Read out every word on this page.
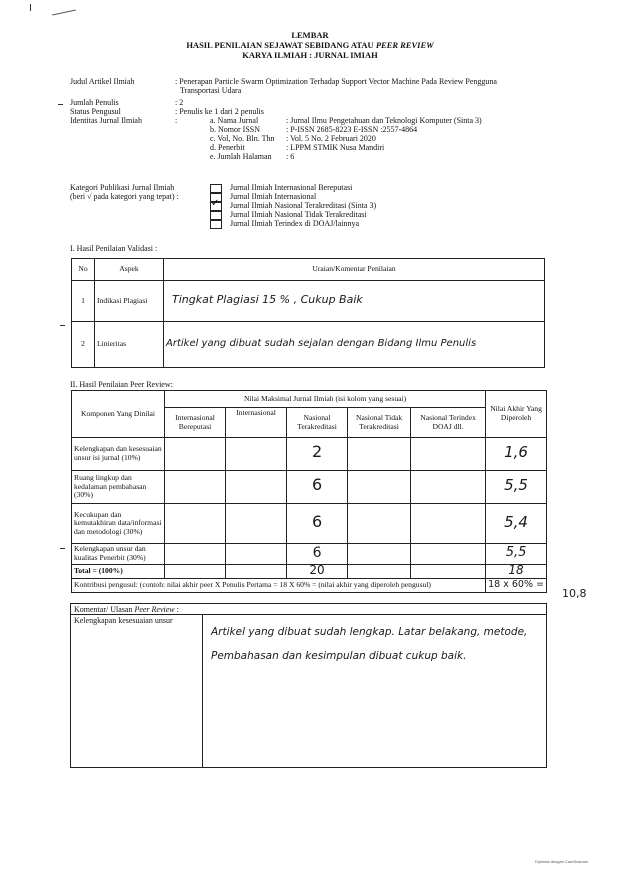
LEMBAR
HASIL PENILAIAN SEJAWAT SEBIDANG ATAU PEER REVIEW
KARYA ILMIAH : JURNAL IMIAH
Judul Artikel Ilmiah	: Penerapan Particle Swarm Optimization Terhadap Support Vector Machine Pada Review Pengguna
Transportasi Udara
Jumlah Penulis	: 2
Status Pengusul	: Penulis ke 1 dari 2 penulis
Identitas Jurnal Ilmiah	:	a. Nama Jurnal	: Jurnal Ilmu Pengetahuan dan Teknologi Komputer (Sinta 3)
b. Nomor ISSN	: P-ISSN 2685-8223 E-ISSN :2557-4864
c. Vol, No. Bln. Thn : Vol. 5 No. 2 Februari 2020
d. Penerbit	: LPPM STMIK Nusa Mandiri
e. Jumlah Halaman : 6
Kategori Publikasi Jurnal Ilmiah
(beri √ pada kategori yang tepat) :
Jurnal Ilmiah Internasional Bereputasi
Jurnal Ilmiah Internasional
✓ Jurnal Ilmiah Nasional Terakreditasi (Sinta 3)
Jurnal Ilmiah Nasional Tidak Terakreditasi
Jurnal Ilmiah Terindex di DOAJ/lainnya
I. Hasil Penilaian Validasi :
No	Aspek	Uraian/Komentar Penilaian
1	Indikasi Plagiasi	Tingkat Plagiasi 15 % , Cukup Baik
2	Linieritas	Artikel yang dibuat sudah sejalan dengan Bidang Ilmu Penulis
II. Hasil Penilaian Peer Review:
Komponen Yang Dinilai	Nilai Maksimal Jurnal Ilmiah (isi kolom yang sesuai)					Nilai Akhir Yang Diperoleh
	Internasional Bereputasi	Internasional	Nasional Terakreditasi	Nasional Tidak Terakreditasi	Nasional Terindex DOAJ dll.	
Kelengkapan dan kesesuaian unsur isi jurnal (10%)			2			1,6
Ruang lingkup dan kedalaman pembahasan (30%)			6			5,5
Kecukupan dan kemutakhiran data/informasi dan metodologi (30%)			6			5,4
Kelengkapan unsur dan kualitas Penerbit (30%)			6			5,5
Total = (100%)			20			18
Kontribusi pengusul: (contoh: nilai akhir peer X Penulis Pertama = 18 X 60% = (nilai akhir yang diperoleh pengusul)						18 x 60% =
10,8
Komentar/ Ulasan Peer Review :
Kelengkapan kesesuaian unsur
Artikel yang dibuat sudah lengkap. Latar belakang, metode,
Pembahasan dan kesimpulan dibuat cukup baik.
Dipindai dengan CamScanner
